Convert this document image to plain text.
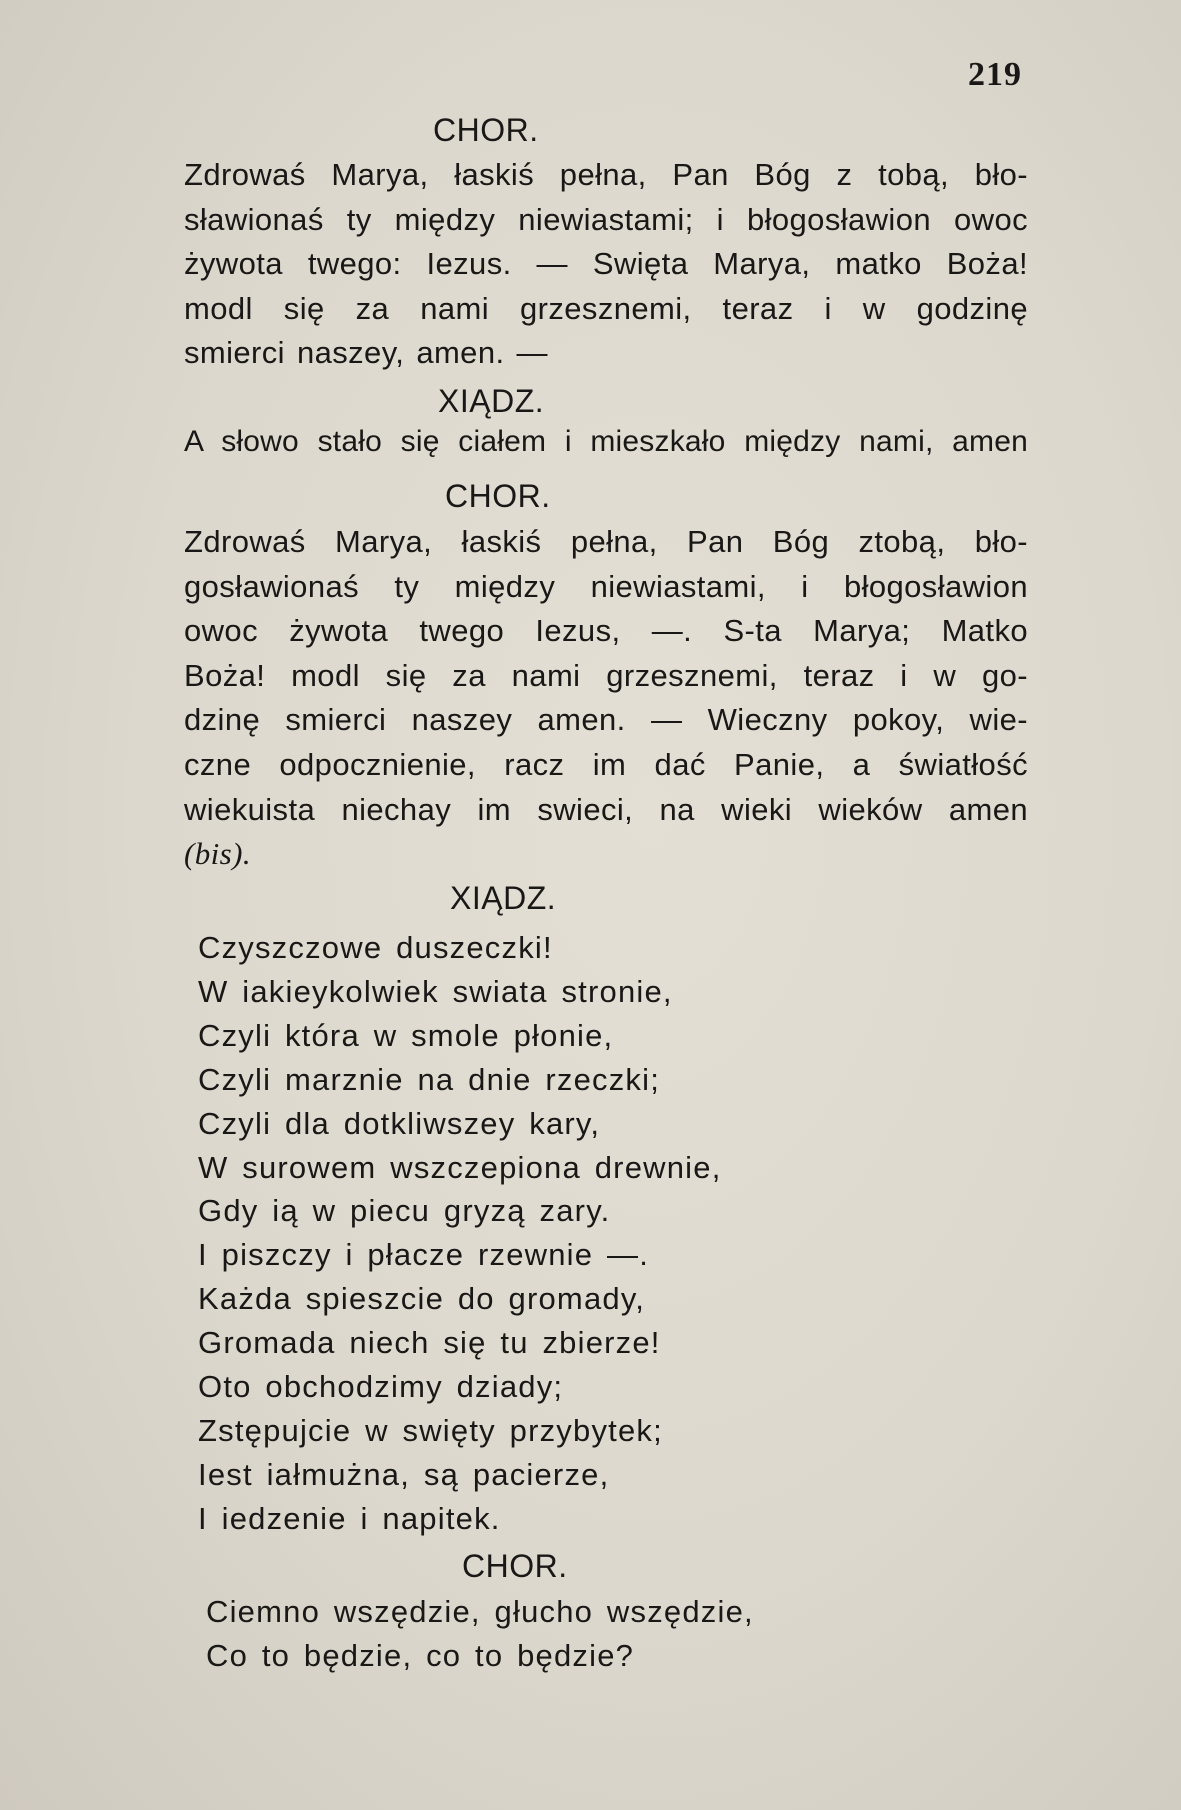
219
CHOR.
Zdrowaś Marya, łaskiś pełna, Pan Bóg z tobą, bło-
sławionaś ty między niewiastami; i błogosławion owoc
żywota twego: Iezus. — Swięta Marya, matko Boża!
modl się za nami grzesznemi, teraz i w godzinę
smierci naszey, amen. —
XIĄDZ.
A słowo stało się ciałem i mieszkało między nami, amen
CHOR.
Zdrowaś Marya, łaskiś pełna, Pan Bóg ztobą, bło-
gosławionaś ty między niewiastami, i błogosławion
owoc żywota twego Iezus, —. S-ta Marya; Matko
Boża! modl się za nami grzesznemi, teraz i w go-
dzinę smierci naszey amen. — Wieczny pokoy, wie-
czne odpocznienie, racz im dać Panie, a światłość
wiekuista niechay im swieci, na wieki wieków amen
(bis).
XIĄDZ.
Czyszczowe duszeczki!
W iakieykolwiek swiata stronie,
Czyli która w smole płonie,
Czyli marznie na dnie rzeczki;
Czyli dla dotkliwszey kary,
W surowem wszczepiona drewnie,
Gdy ią w piecu gryzą zary.
I piszczy i płacze rzewnie —.
Każda spieszcie do gromady,
Gromada niech się tu zbierze!
Oto obchodzimy dziady;
Zstępujcie w swięty przybytek;
Iest iałmużna, są pacierze,
I iedzenie i napitek.
CHOR.
Ciemno wszędzie, głucho wszędzie,
Co to będzie, co to będzie?
